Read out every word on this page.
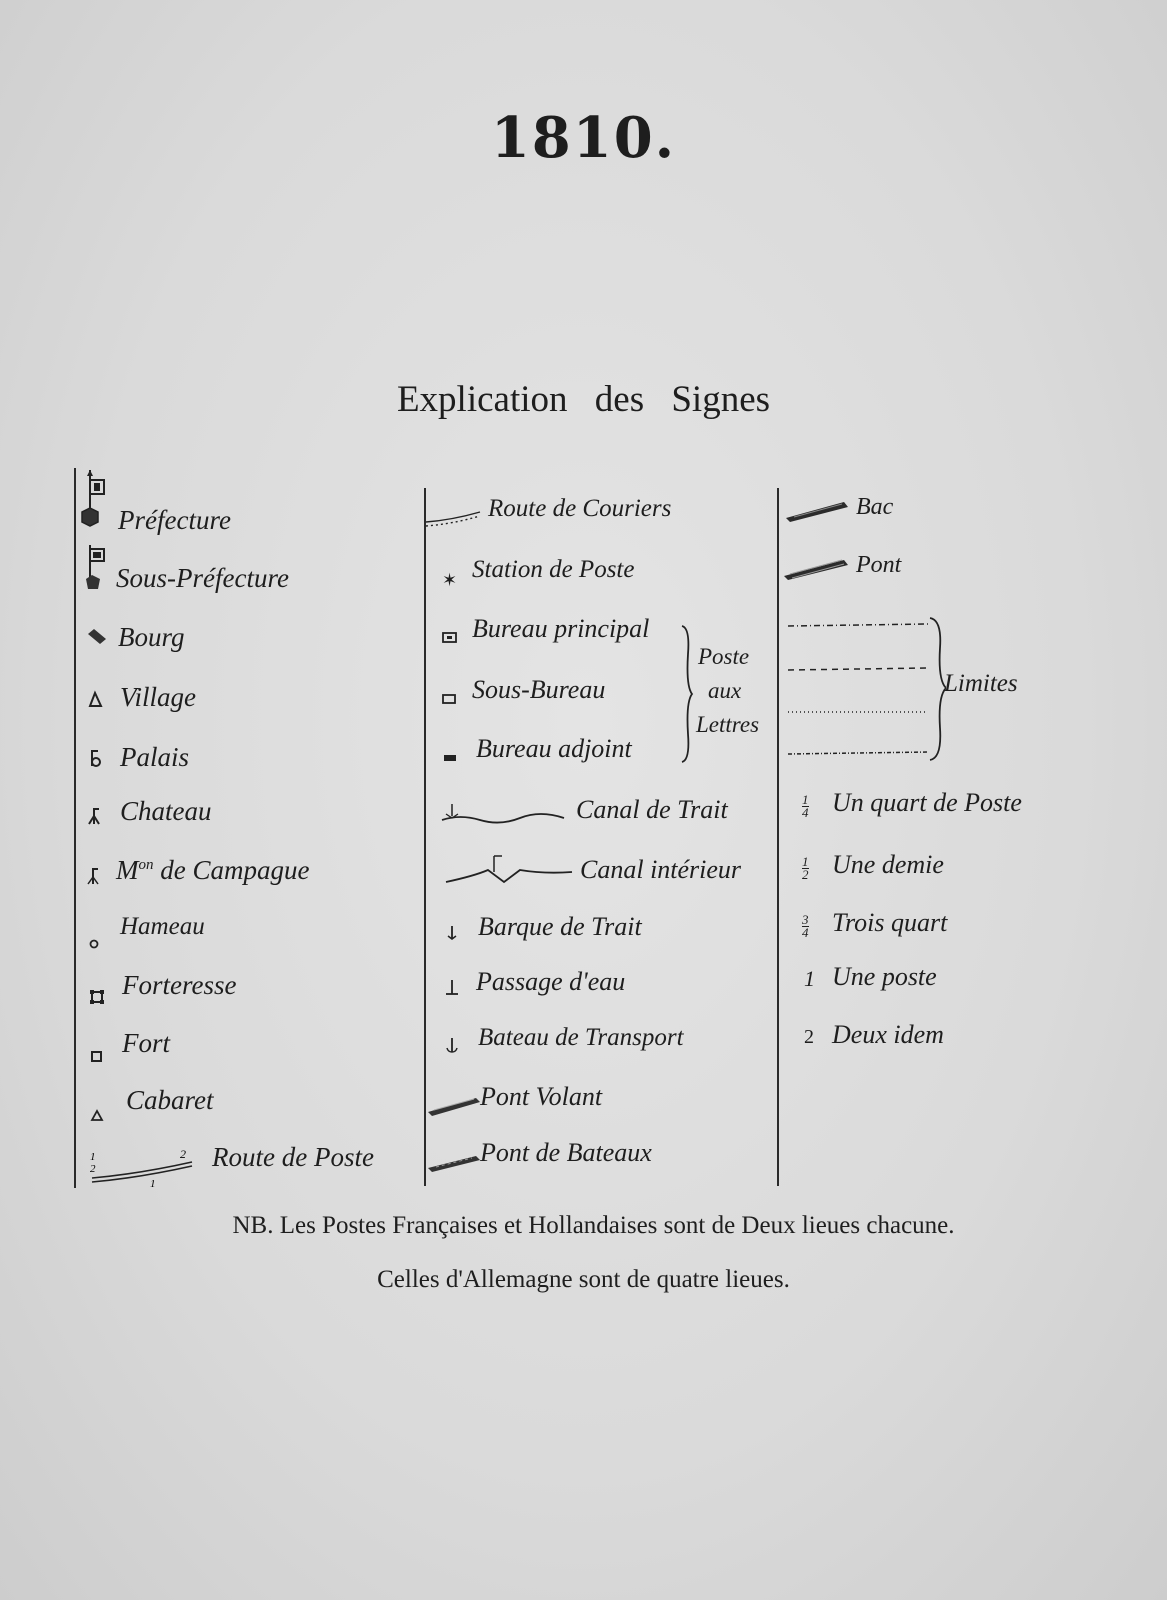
1810.
Explication des Signes
Préfecture
Sous-Préfecture
Bourg
Village
Palais
Chateau
$M^{on}$ de Campague
Hameau
Forteresse
Fort
Cabaret
1
2
2
1
Route de Poste
Route de Couriers
✶ Station de Poste
Bureau principal
Sous-Bureau
Bureau adjoint
Poste
aux
Lettres
Canal de Trait
Canal intérieur
Barque de Trait
Passage d'eau
Bateau de Transport
Pont Volant
Pont de Bateaux
Bac
Pont
Limites
$\frac{1}{4}$ Un quart de Poste
$\frac{1}{2}$ Une demie
$\frac{3}{4}$ Trois quart
1 Une poste
2 Deux idem
NB. Les Postes Françaises et Hollandaises sont de Deux lieues chacune.
Celles d'Allemagne sont de quatre lieues.
